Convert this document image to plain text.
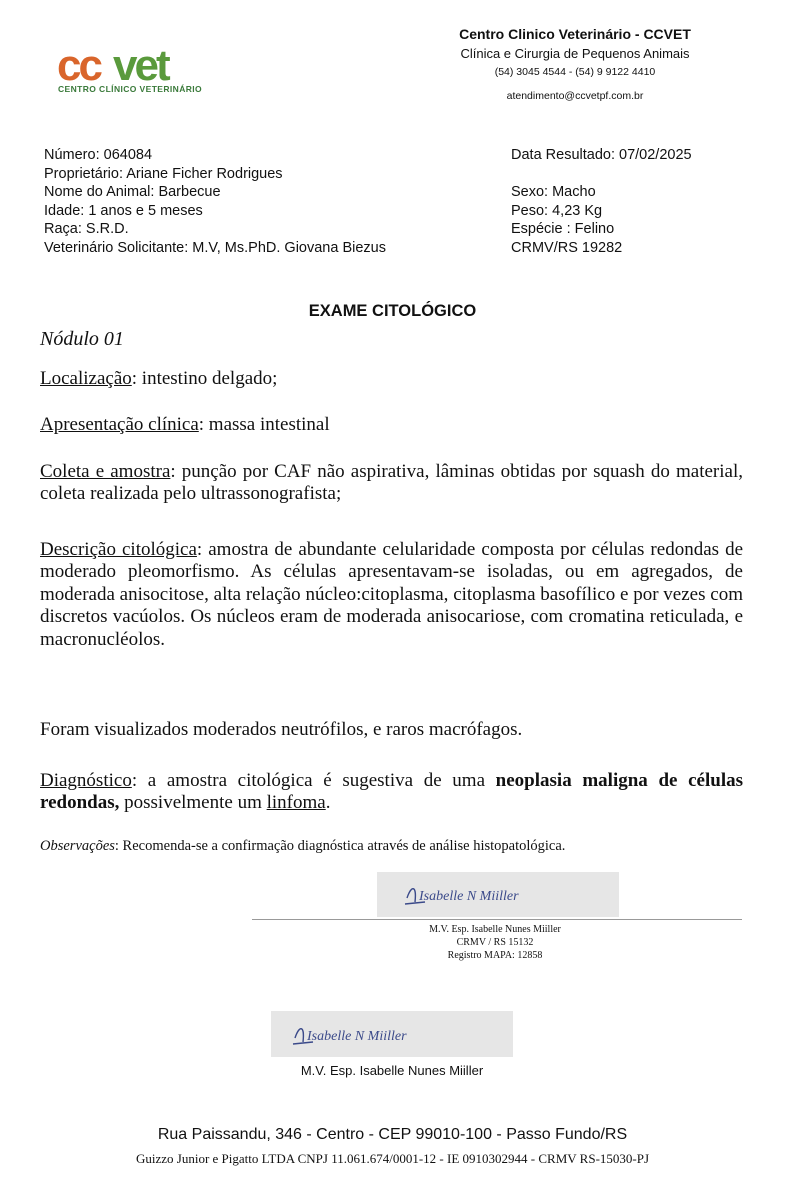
cc vet
CENTRO CLÍNICO VETERINÁRIO
Centro Clinico Veterinário - CCVET
Clínica e Cirurgia de Pequenos Animais
(54) 3045 4544 - (54) 9 9122 4410
atendimento@ccvetpf.com.br
Número: 064084
Proprietário: Ariane Ficher Rodrigues
Nome do Animal: Barbecue
Idade: 1 anos e 5 meses
Raça: S.R.D.
Veterinário Solicitante: M.V, Ms.PhD. Giovana Biezus
Data Resultado: 07/02/2025
Sexo: Macho
Peso: 4,23 Kg
Espécie : Felino
CRMV/RS 19282
EXAME CITOLÓGICO
Nódulo 01
Localização: intestino delgado;
Apresentação clínica: massa intestinal
Coleta e amostra: punção por CAF não aspirativa, lâminas obtidas por squash do material, coleta realizada pelo ultrassonografista;
Descrição citológica: amostra de abundante celularidade composta por células redondas de moderado pleomorfismo. As células apresentavam-se isoladas, ou em agregados, de moderada anisocitose, alta relação núcleo:citoplasma, citoplasma basofílico e por vezes com discretos vacúolos. Os núcleos eram de moderada anisocariose, com cromatina reticulada, e macronucléolos.
Foram visualizados moderados neutrófilos, e raros macrófagos.
Diagnóstico: a amostra citológica é sugestiva de uma neoplasia maligna de células redondas, possivelmente um linfoma.
Observações: Recomenda-se a confirmação diagnóstica através de análise histopatológica.
Isabelle N Miiller
M.V. Esp. Isabelle Nunes Miiller
CRMV / RS 15132
Registro MAPA: 12858
Isabelle N Miiller
M.V. Esp. Isabelle Nunes Miiller
Rua Paissandu, 346 - Centro - CEP 99010-100 - Passo Fundo/RS
Guizzo Junior e Pigatto LTDA CNPJ 11.061.674/0001-12 - IE 0910302944 - CRMV RS-15030-PJ
